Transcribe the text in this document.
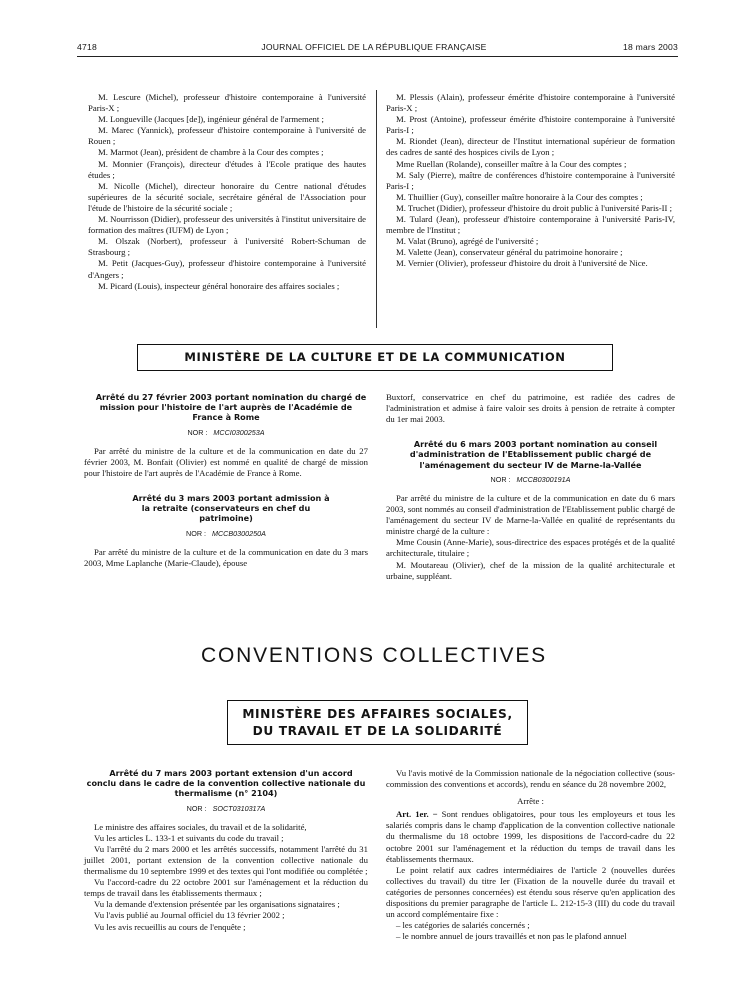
4718	JOURNAL OFFICIEL DE LA RÉPUBLIQUE FRANÇAISE	18 mars 2003

M. Lescure (Michel), professeur d'histoire contemporaine à l'université Paris-X ;

M. Longueville (Jacques [de]), ingénieur général de l'armement ;

M. Marec (Yannick), professeur d'histoire contemporaine à l'université de Rouen ;

M. Marmot (Jean), président de chambre à la Cour des comptes ;

M. Monnier (François), directeur d'études à l'Ecole pratique des hautes études ;

M. Nicolle (Michel), directeur honoraire du Centre national d'études supérieures de la sécurité sociale, secrétaire général de l'Association pour l'étude de l'histoire de la sécurité sociale ;

M. Nourrisson (Didier), professeur des universités à l'institut universitaire de formation des maîtres (IUFM) de Lyon ;

M. Olszak (Norbert), professeur à l'université Robert-Schuman de Strasbourg ;

M. Petit (Jacques-Guy), professeur d'histoire contemporaine à l'université d'Angers ;

M. Picard (Louis), inspecteur général honoraire des affaires sociales ;

M. Plessis (Alain), professeur émérite d'histoire contemporaine à l'université Paris-X ;

M. Prost (Antoine), professeur émérite d'histoire contemporaine à l'université Paris-I ;

M. Riondet (Jean), directeur de l'Institut international supérieur de formation des cadres de santé des hospices civils de Lyon ;

Mme Ruellan (Rolande), conseiller maître à la Cour des comptes ;

M. Saly (Pierre), maître de conférences d'histoire contemporaine à l'université Paris-I ;

M. Thuillier (Guy), conseiller maître honoraire à la Cour des comptes ;

M. Truchet (Didier), professeur d'histoire du droit public à l'université Paris-II ;

M. Tulard (Jean), professeur d'histoire contemporaine à l'université Paris-IV, membre de l'Institut ;

M. Valat (Bruno), agrégé de l'université ;

M. Valette (Jean), conservateur général du patrimoine honoraire ;

M. Vernier (Olivier), professeur d'histoire du droit à l'université de Nice.

MINISTÈRE DE LA CULTURE ET DE LA COMMUNICATION

Arrêté du 27 février 2003 portant nomination du chargé de mission pour l'histoire de l'art auprès de l'Académie de France à Rome

NOR : MCCI0300253A

Par arrêté du ministre de la culture et de la communication en date du 27 février 2003, M. Bonfait (Olivier) est nommé en qualité de chargé de mission pour l'histoire de l'art auprès de l'Académie de France à Rome.

Arrêté du 3 mars 2003 portant admission à la retraite (conservateurs en chef du patrimoine)

NOR : MCCB0300250A

Par arrêté du ministre de la culture et de la communication en date du 3 mars 2003, Mme Laplanche (Marie-Claude), épouse

Buxtorf, conservatrice en chef du patrimoine, est radiée des cadres de l'administration et admise à faire valoir ses droits à pension de retraite à compter du 1er mai 2003.

Arrêté du 6 mars 2003 portant nomination au conseil d'administration de l'Etablissement public chargé de l'aménagement du secteur IV de Marne-la-Vallée

NOR : MCCB0300191A

Par arrêté du ministre de la culture et de la communication en date du 6 mars 2003, sont nommés au conseil d'administration de l'Etablissement public chargé de l'aménagement du secteur IV de Marne-la-Vallée en qualité de représentants du ministre chargé de la culture :

Mme Cousin (Anne-Marie), sous-directrice des espaces protégés et de la qualité architecturale, titulaire ;

M. Moutareau (Olivier), chef de la mission de la qualité architecturale et urbaine, suppléant.

CONVENTIONS COLLECTIVES
MINISTÈRE DES AFFAIRES SOCIALES,
DU TRAVAIL ET DE LA SOLIDARITÉ

Arrêté du 7 mars 2003 portant extension d'un accord conclu dans le cadre de la convention collective nationale du thermalisme (n° 2104)

NOR : SOCT0310317A

Le ministre des affaires sociales, du travail et de la solidarité,

Vu les articles L. 133-1 et suivants du code du travail ;

Vu l'arrêté du 2 mars 2000 et les arrêtés successifs, notamment l'arrêté du 31 juillet 2001, portant extension de la convention collective nationale du thermalisme du 10 septembre 1999 et des textes qui l'ont modifiée ou complétée ;

Vu l'accord-cadre du 22 octobre 2001 sur l'aménagement et la réduction du temps de travail dans les établissements thermaux ;

Vu la demande d'extension présentée par les organisations signataires ;

Vu l'avis publié au Journal officiel du 13 février 2002 ;

Vu les avis recueillis au cours de l'enquête ;

Vu l'avis motivé de la Commission nationale de la négociation collective (sous-commission des conventions et accords), rendu en séance du 28 novembre 2002,

Arrête :

Art. 1er. − Sont rendues obligatoires, pour tous les employeurs et tous les salariés compris dans le champ d'application de la convention collective nationale du thermalisme du 18 octobre 1999, les dispositions de l'accord-cadre du 22 octobre 2001 sur l'aménagement et la réduction du temps de travail dans les établissements thermaux.

Le point relatif aux cadres intermédiaires de l'article 2 (nouvelles durées collectives du travail) du titre Ier (Fixation de la nouvelle durée du travail et catégories de personnes concernées) est étendu sous réserve qu'en application des dispositions du premier paragraphe de l'article L. 212-15-3 (III) du code du travail un accord complémentaire fixe :

– les catégories de salariés concernés ;

– le nombre annuel de jours travaillés et non pas le plafond annuel
